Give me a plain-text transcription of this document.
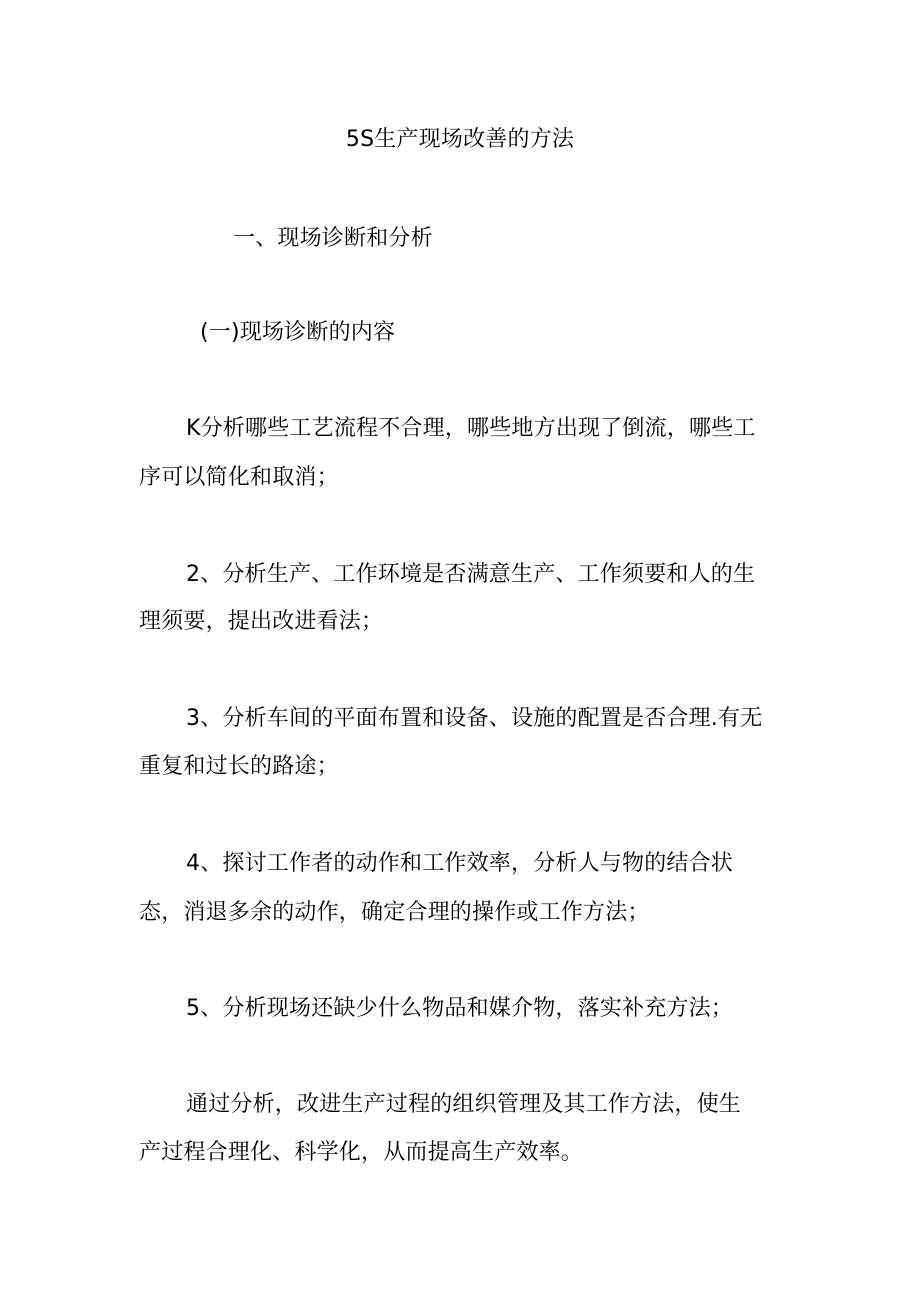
5S生产现场改善的方法
一、现场诊断和分析
(一)现场诊断的内容
K分析哪些工艺流程不合理，哪些地方出现了倒流，哪些工
序可以简化和取消；
2、分析生产、工作环境是否满意生产、工作须要和人的生
理须要，提出改进看法；
3、分析车间的平面布置和设备、设施的配置是否合理.有无
重复和过长的路途；
4、探讨工作者的动作和工作效率，分析人与物的结合状
态，消退多余的动作，确定合理的操作或工作方法；
5、分析现场还缺少什么物品和媒介物，落实补充方法；
通过分析，改进生产过程的组织管理及其工作方法，使生
产过程合理化、科学化，从而提高生产效率。
